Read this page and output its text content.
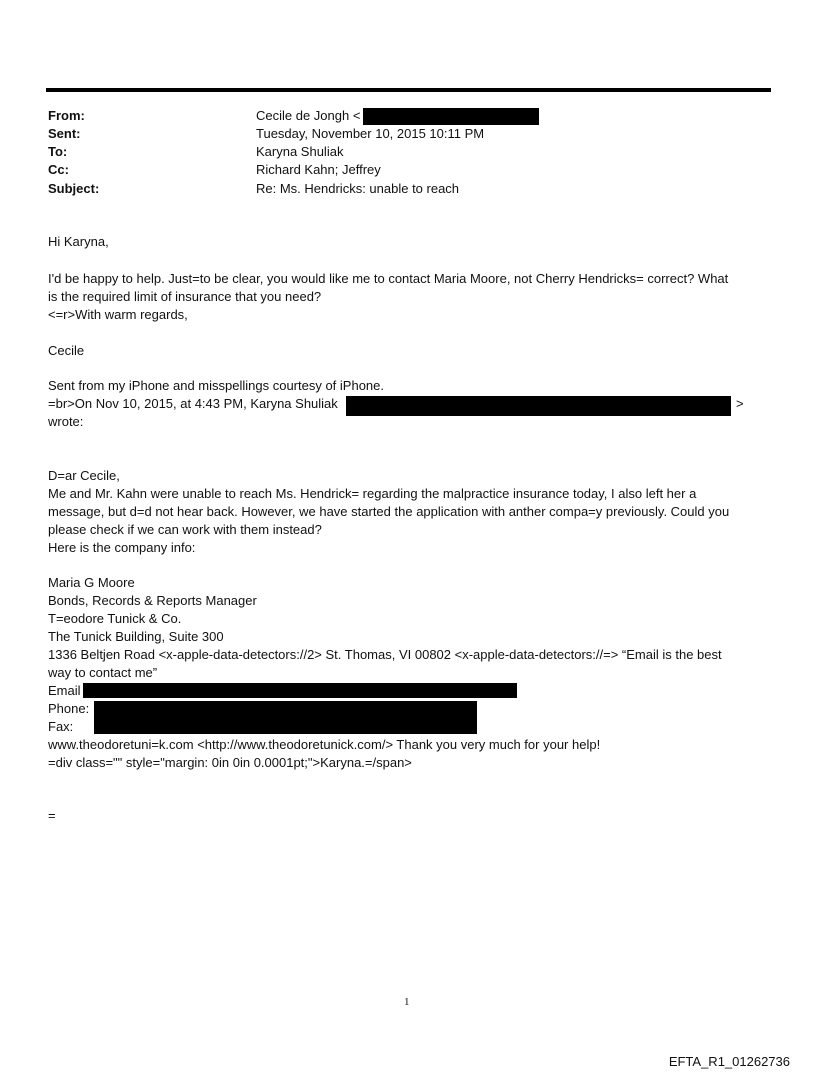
From:	Cecile de Jongh <
Sent:	Tuesday, November 10, 2015 10:11 PM
To:	Karyna Shuliak
Cc:	Richard Kahn; Jeffrey
Subject:	Re: Ms. Hendricks: unable to reach
Hi Karyna,
I'd be happy to help. Just=to be clear, you would like me to contact Maria Moore, not Cherry Hendricks= correct? What
is the required limit of insurance that you need?
<=r>With warm regards,
Cecile
Sent from my iPhone and misspellings courtesy of iPhone.
=br>On Nov 10, 2015, at 4:43 PM, Karyna Shuliak	>
wrote:
D=ar Cecile,
Me and Mr. Kahn were unable to reach Ms. Hendrick= regarding the malpractice insurance today, I also left her a
message, but d=d not hear back. However, we have started the application with anther compa=y previously. Could you
please check if we can work with them instead?
Here is the company info:
Maria G Moore
Bonds, Records & Reports Manager
T=eodore Tunick & Co.
The Tunick Building, Suite 300
1336 Beltjen Road <x-apple-data-detectors://2> St. Thomas, VI 00802 <x-apple-data-detectors://=> “Email is the best
way to contact me”
Email
Phone:
Fax:
www.theodoretuni=k.com <http://www.theodoretunick.com/> Thank you very much for your help!
=div class="" style="margin: 0in 0in 0.0001pt;">Karyna.=/span>
=
1
EFTA_R1_01262736
